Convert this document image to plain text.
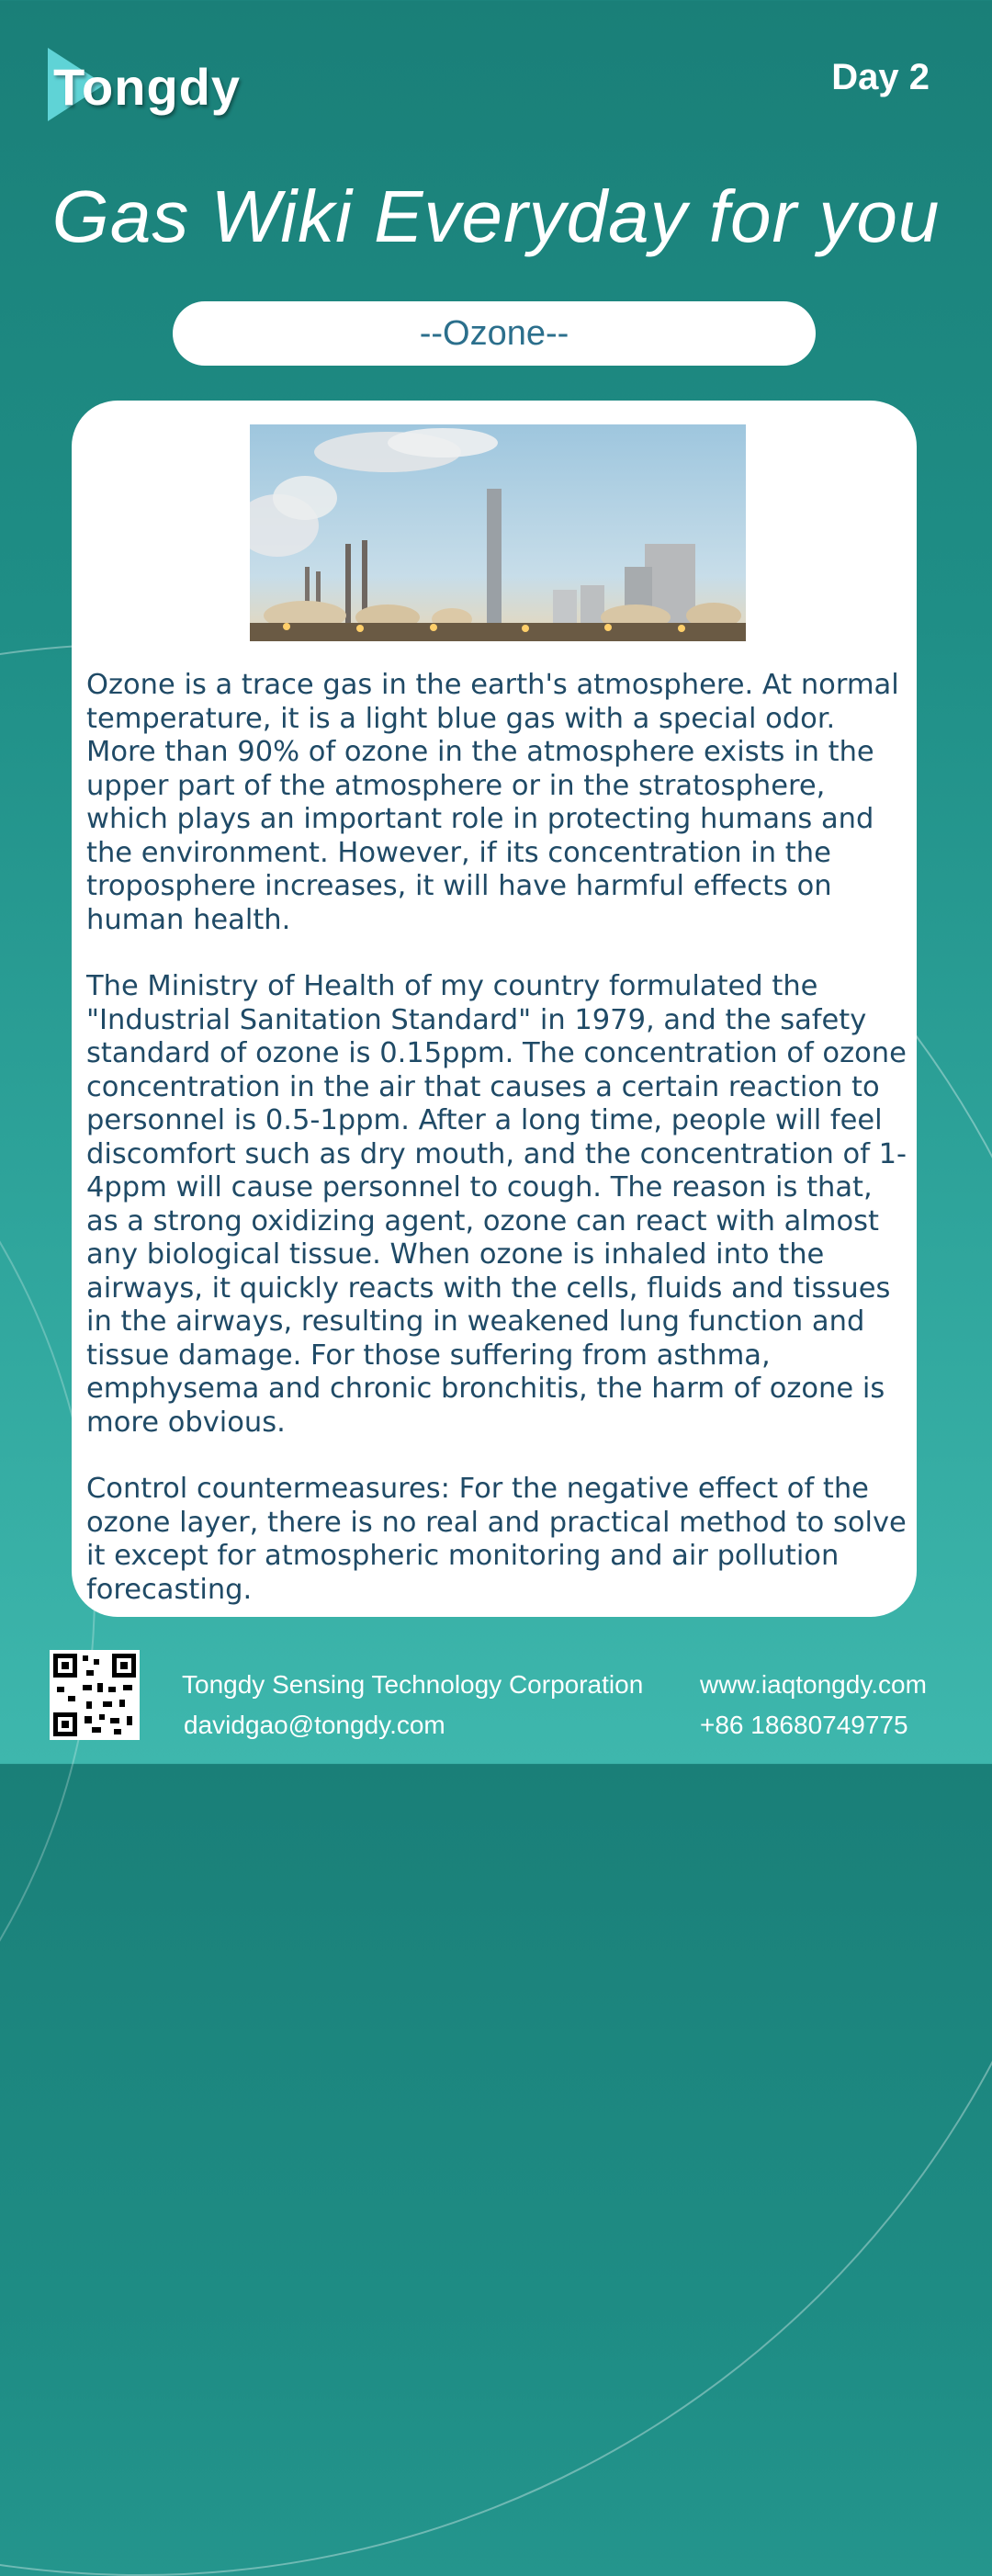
Tongdy	Day 2
Gas Wiki Everyday for you
--Ozone--

Ozone is a trace gas in the earth's atmosphere. At normal temperature, it is a light blue gas with a special odor. More than 90% of ozone in the atmosphere exists in the upper part of the atmosphere or in the stratosphere, which plays an important role in protecting humans and the environment. However, if its concentration in the troposphere increases, it will have harmful effects on human health.

The Ministry of Health of my country formulated the "Industrial Sanitation Standard" in 1979, and the safety standard of ozone is 0.15ppm. The concentration of ozone concentration in the air that causes a certain reaction to personnel is 0.5-1ppm. After a long time, people will feel discomfort such as dry mouth, and the concentration of 1-4ppm will cause personnel to cough. The reason is that, as a strong oxidizing agent, ozone can react with almost any biological tissue. When ozone is inhaled into the airways, it quickly reacts with the cells, fluids and tissues in the airways, resulting in weakened lung function and tissue damage. For those suffering from asthma, emphysema and chronic bronchitis, the harm of ozone is more obvious.

Control countermeasures: For the negative effect of the ozone layer, there is no real and practical method to solve it except for atmospheric monitoring and air pollution forecasting.

Tongdy Sensing Technology Corporation www.iaqtongdy.com
davidgao@tongdy.com	+86 18680749775
